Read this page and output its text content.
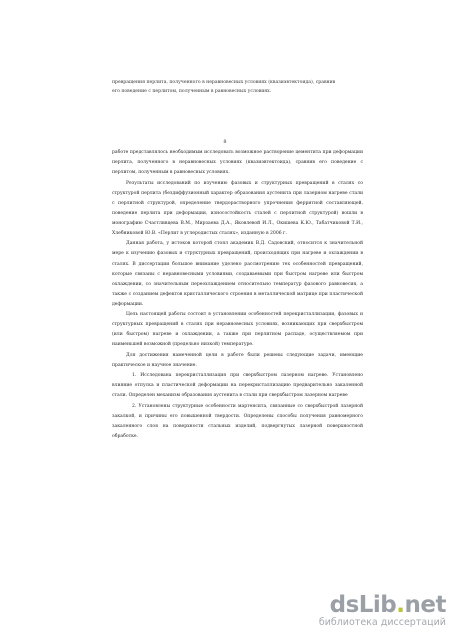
превращения перлита, полученного в неравновесных условиях (квазиэвтектоида), сравнив
его поведение с перлитом, полученным в равновесных условиях.
8

работе представлялось необходимым исследовать возможное растворение цементита при деформации перлита, полученного в неравновесных условиях (квазиэвтектоида), сравнив его поведение с перлитом, полученным в равновесных условиях.

Результаты исследований по изучению фазовых и структурных превращений в сталях со структурой перлита (бездиффузионный характер образования аустенита при лазерном нагреве стали с перлитной структурой, определение твердорастворного упрочнения ферритной составляющей, поведение перлита при деформации, износостойкость сталей с перлитной структурой) вошли в монографию Счастливцева В.М., Мирзаева Д.А., Яковлевой И.Л., Окишева К.Ю., Табатчиковой Т.И., Хлебниковой Ю.В. «Перлит в углеродистых сталях», изданную в 2006 г.

Данная работа, у истоков которой стоял академик В.Д. Садовский, относится к значительной мере к изучению фазовых и структурных превращений, происходящих при нагреве и охлаждении в сталях. В диссертации большое внимание уделено рассмотрению тех особенностей превращений, которые связаны с неравновесными условиями, создаваемыми при быстром нагреве или быстром охлаждении, со значительным переохлаждением относительно температур фазового равновесия, а также с созданием дефектов кристаллического строения в металлической матрице при пластической деформации.

Цель настоящей работы состоит в установлении особенностей перекристаллизации, фазовых и структурных превращений в сталях при неравновесных условиях, возникающих при сверхбыстром (или быстром) нагреве и охлаждении, а также при перлитном распаде, осуществляемом при наименьшей возможной (предельно низкой) температуре.

Для достижения намеченной цели в работе были решены следующие задачи, имеющие практическое и научное значение.

1. Исследована перекристаллизация при сверхбыстром лазерном нагреве. Установлено влияние отпуска и пластической деформации на перекристаллизацию предварительно закаленной стали. Определен механизм образования аустенита в стали при сверхбыстром лазерном нагреве

2. Установлены структурные особенности мартенсита, связанные со сверхбыстрой лазерной закалкой, и причины его повышенной твердости. Определены способы получения равномерного закаленного слоя на поверхности стальных изделий, подвергнутых лазерной поверхностной обработке.

dsLib.net
библиотека диссертаций
